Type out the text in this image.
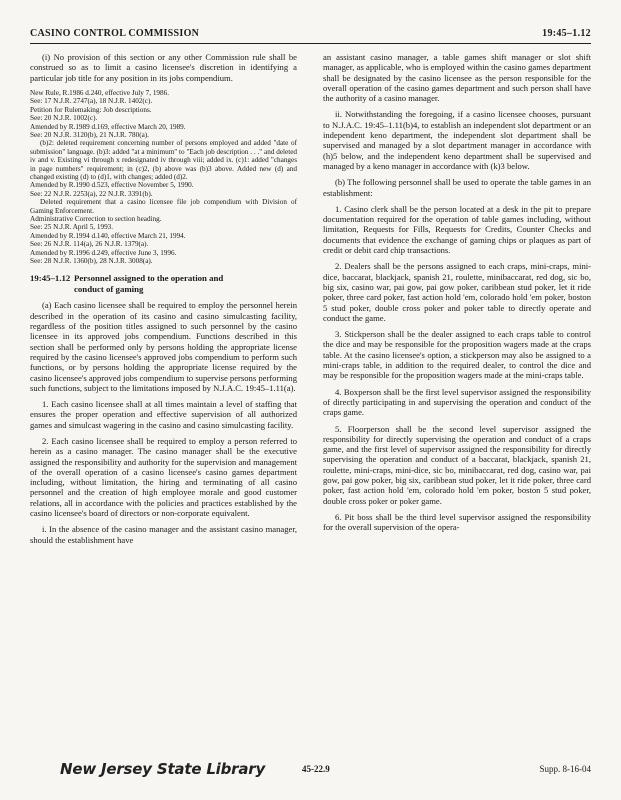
CASINO CONTROL COMMISSION	19:45–1.12

(i) No provision of this section or any other Commission rule shall be construed so as to limit a casino licensee's discretion in identifying a particular job title for any position in its jobs compendium.

New Rule, R.1986 d.240, effective July 7, 1986.
See: 17 N.J.R. 2747(a), 18 N.J.R. 1402(c).
Petition for Rulemaking: Job descriptions.
See: 20 N.J.R. 1002(c).
Amended by R.1989 d.169, effective March 20, 1989.
See: 20 N.J.R. 3120(b), 21 N.J.R. 780(a).
(b)2: deleted requirement concerning number of persons employed and added "date of submission" language. (b)3: added "at a minimum" to "Each job description . . ." and deleted iv and v. Existing vi through x redesignated iv through viii; added ix. (c)1: added "changes in page numbers" requirement; in (c)2, (b) above was (b)3 above. Added new (d) and changed existing (d) to (d)1, with changes; added (d)2.
Amended by R.1990 d.523, effective November 5, 1990.
See: 22 N.J.R. 2253(a), 22 N.J.R. 3391(b).
Deleted requirement that a casino licensee file job compendium with Division of Gaming Enforcement.
Administrative Correction to section heading.
See: 25 N.J.R. April 5, 1993.
Amended by R.1994 d.140, effective March 21, 1994.
See: 26 N.J.R. 114(a), 26 N.J.R. 1379(a).
Amended by R.1996 d.249, effective June 3, 1996.
See: 28 N.J.R. 1360(b), 28 N.J.R. 3008(a).
19:45–1.12 Personnel assigned to the operation and
conduct of gaming

(a) Each casino licensee shall be required to employ the personnel herein described in the operation of its casino and casino simulcasting facility, regardless of the position titles assigned to such personnel by the casino licensee in its approved jobs compendium. Functions described in this section shall be performed only by persons holding the appropriate license required by the casino licensee's approved jobs compendium to perform such functions, or by persons holding the appropriate license required by the casino licensee's approved jobs compendium to supervise persons performing such functions, subject to the limitations imposed by N.J.A.C. 19:45–1.11(a).

1. Each casino licensee shall at all times maintain a level of staffing that ensures the proper operation and effective supervision of all authorized games and simulcast wagering in the casino and casino simulcasting facility.

2. Each casino licensee shall be required to employ a person referred to herein as a casino manager. The casino manager shall be the executive assigned the responsibility and authority for the supervision and management of the overall operation of a casino licensee's casino games department including, without limitation, the hiring and terminating of all casino personnel and the creation of high employee morale and good customer relations, all in accordance with the policies and practices established by the casino licensee's board of directors or non-corporate equivalent.

i. In the absence of the casino manager and the assistant casino manager, should the establishment have

an assistant casino manager, a table games shift manager or slot shift manager, as applicable, who is employed within the casino games department shall be designated by the casino licensee as the person responsible for the overall operation of the casino games department and such person shall have the authority of a casino manager.

ii. Notwithstanding the foregoing, if a casino licensee chooses, pursuant to N.J.A.C. 19:45–1.11(b)4, to establish an independent slot department or an independent keno department, the independent slot department shall be supervised and managed by a slot department manager in accordance with (h)5 below, and the independent keno department shall be supervised and managed by a keno manager in accordance with (k)3 below.

(b) The following personnel shall be used to operate the table games in an establishment:

1. Casino clerk shall be the person located at a desk in the pit to prepare documentation required for the operation of table games including, without limitation, Requests for Fills, Requests for Credits, Counter Checks and documents that evidence the exchange of gaming chips or plaques as part of credit or debit card chip transactions.

2. Dealers shall be the persons assigned to each craps, mini-craps, mini-dice, baccarat, blackjack, spanish 21, roulette, minibaccarat, red dog, sic bo, big six, casino war, pai gow, pai gow poker, caribbean stud poker, let it ride poker, three card poker, fast action hold 'em, colorado hold 'em poker, boston 5 stud poker, double cross poker and poker table to directly operate and conduct the game.

3. Stickperson shall be the dealer assigned to each craps table to control the dice and may be responsible for the proposition wagers made at the craps table. At the casino licensee's option, a stickperson may also be assigned to a mini-craps table, in addition to the required dealer, to control the dice and may be responsible for the proposition wagers made at the mini-craps table.

4. Boxperson shall be the first level supervisor assigned the responsibility of directly participating in and supervising the operation and conduct of the craps game.

5. Floorperson shall be the second level supervisor assigned the responsibility for directly supervising the operation and conduct of a craps game, and the first level of supervisor assigned the responsibility for directly supervising the operation and conduct of a baccarat, blackjack, spanish 21, roulette, mini-craps, mini-dice, sic bo, minibaccarat, red dog, casino war, pai gow, pai gow poker, big six, caribbean stud poker, let it ride poker, three card poker, fast action hold 'em, colorado hold 'em poker, boston 5 stud poker, double cross poker or poker game.

6. Pit boss shall be the third level supervisor assigned the responsibility for the overall supervision of the opera-

New Jersey State Library	45-22.9	Supp. 8-16-04
